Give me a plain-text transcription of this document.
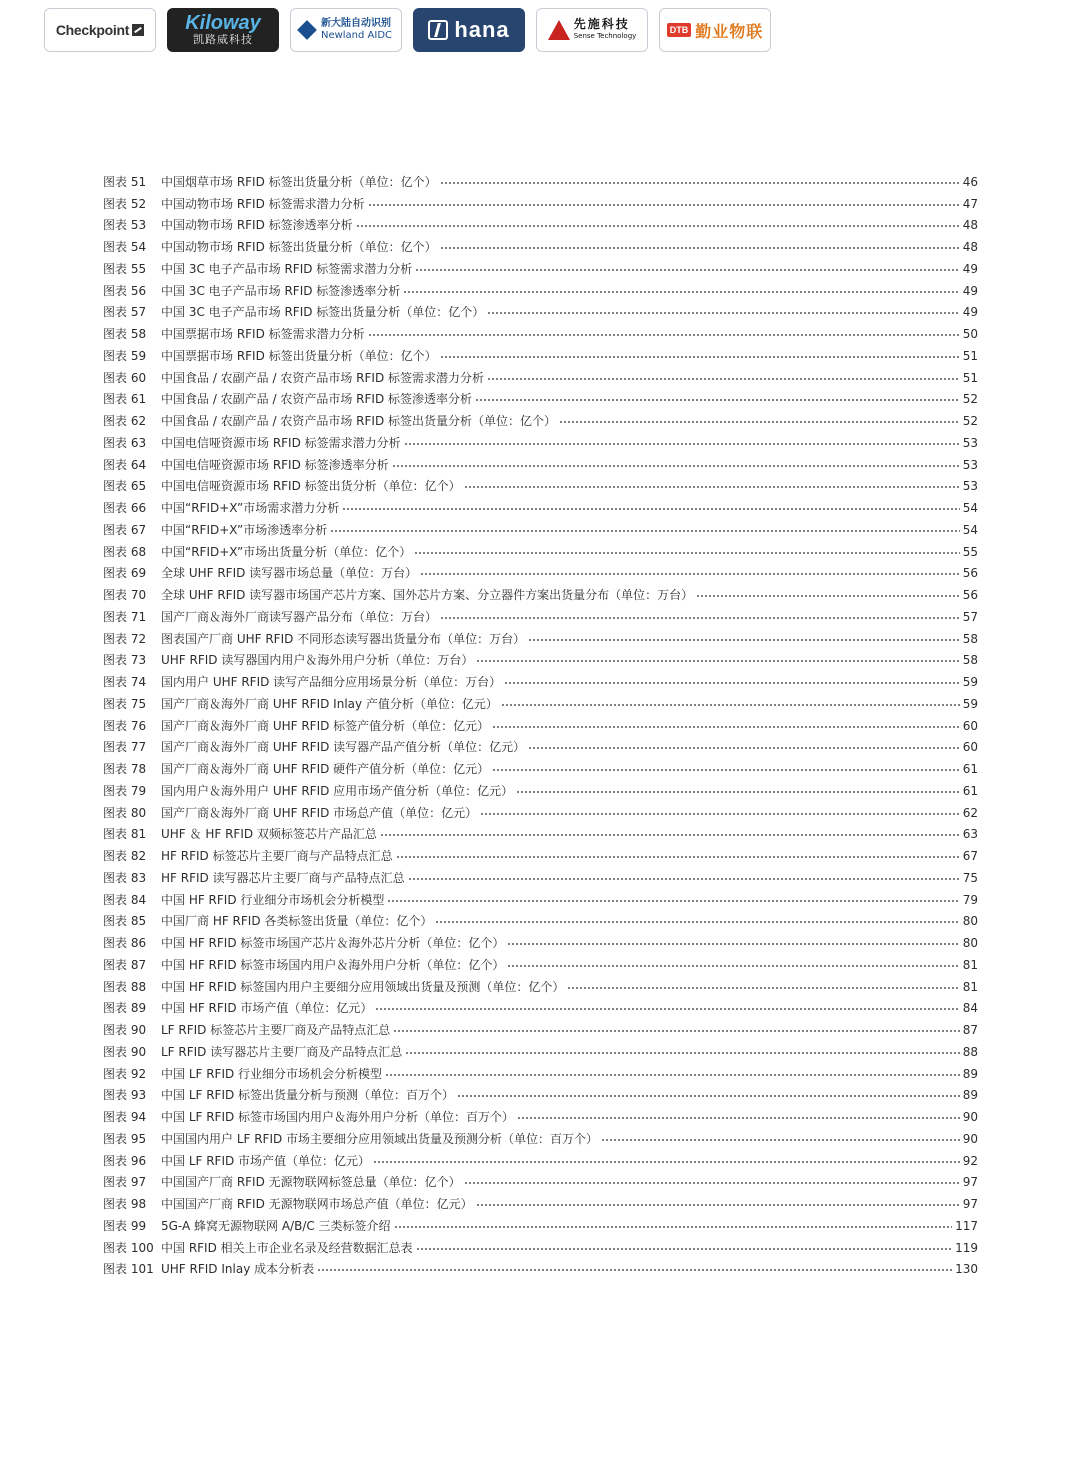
Checkpoint	Kiloway
凯路威科技
新大陆自动识别
Newland AIDC	hana	先施科技
Sense Technology
DTB 勤业物联
图表 51	中国烟草市场 RFID 标签出货量分析（单位：亿个）	46
图表 52	中国动物市场 RFID 标签需求潜力分析	47
图表 53	中国动物市场 RFID 标签渗透率分析	48
图表 54	中国动物市场 RFID 标签出货量分析（单位：亿个）	48
图表 55	中国 3C 电子产品市场 RFID 标签需求潜力分析	49
图表 56	中国 3C 电子产品市场 RFID 标签渗透率分析	49
图表 57	中国 3C 电子产品市场 RFID 标签出货量分析（单位：亿个）	49
图表 58	中国票据市场 RFID 标签需求潜力分析	50
图表 59	中国票据市场 RFID 标签出货量分析（单位：亿个）	51
图表 60	中国食品 / 农副产品 / 农资产品市场 RFID 标签需求潜力分析	51
图表 61	中国食品 / 农副产品 / 农资产品市场 RFID 标签渗透率分析	52
图表 62	中国食品 / 农副产品 / 农资产品市场 RFID 标签出货量分析（单位：亿个）	52
图表 63	中国电信哑资源市场 RFID 标签需求潜力分析	53
图表 64	中国电信哑资源市场 RFID 标签渗透率分析	53
图表 65	中国电信哑资源市场 RFID 标签出货分析（单位：亿个）	53
图表 66	中国“RFID+X”市场需求潜力分析	54
图表 67	中国“RFID+X”市场渗透率分析	54
图表 68	中国“RFID+X”市场出货量分析（单位：亿个）	55
图表 69	全球 UHF RFID 读写器市场总量（单位：万台）	56
图表 70	全球 UHF RFID 读写器市场国产芯片方案、国外芯片方案、分立器件方案出货量分布（单位：万台）	56
图表 71	国产厂商＆海外厂商读写器产品分布（单位：万台）	57
图表 72	图表国产厂商 UHF RFID 不同形态读写器出货量分布（单位：万台）	58
图表 73	UHF RFID 读写器国内用户＆海外用户分析（单位：万台）	58
图表 74	国内用户 UHF RFID 读写产品细分应用场景分析（单位：万台）	59
图表 75	国产厂商＆海外厂商 UHF RFID Inlay 产值分析（单位：亿元）	59
图表 76	国产厂商＆海外厂商 UHF RFID 标签产值分析（单位：亿元）	60
图表 77	国产厂商＆海外厂商 UHF RFID 读写器产品产值分析（单位：亿元）	60
图表 78	国产厂商＆海外厂商 UHF RFID 硬件产值分析（单位：亿元）	61
图表 79	国内用户＆海外用户 UHF RFID 应用市场产值分析（单位：亿元）	61
图表 80	国产厂商＆海外厂商 UHF RFID 市场总产值（单位：亿元）	62
图表 81	UHF ＆ HF RFID 双频标签芯片产品汇总	63
图表 82	HF RFID 标签芯片主要厂商与产品特点汇总	67
图表 83	HF RFID 读写器芯片主要厂商与产品特点汇总	75
图表 84	中国 HF RFID 行业细分市场机会分析模型	79
图表 85	中国厂商 HF RFID 各类标签出货量（单位：亿个）	80
图表 86	中国 HF RFID 标签市场国产芯片＆海外芯片分析（单位：亿个）	80
图表 87	中国 HF RFID 标签市场国内用户＆海外用户分析（单位：亿个）	81
图表 88	中国 HF RFID 标签国内用户主要细分应用领域出货量及预测（单位：亿个）	81
图表 89	中国 HF RFID 市场产值（单位：亿元）	84
图表 90	LF RFID 标签芯片主要厂商及产品特点汇总	87
图表 90	LF RFID 读写器芯片主要厂商及产品特点汇总	88
图表 92	中国 LF RFID 行业细分市场机会分析模型	89
图表 93	中国 LF RFID 标签出货量分析与预测（单位：百万个）	89
图表 94	中国 LF RFID 标签市场国内用户＆海外用户分析（单位：百万个）	90
图表 95	中国国内用户 LF RFID 市场主要细分应用领域出货量及预测分析（单位：百万个）	90
图表 96	中国 LF RFID 市场产值（单位：亿元）	92
图表 97	中国国产厂商 RFID 无源物联网标签总量（单位：亿个）	97
图表 98	中国国产厂商 RFID 无源物联网市场总产值（单位：亿元）	97
图表 99	5G-A 蜂窝无源物联网 A/B/C 三类标签介绍	117
图表 100 中国 RFID 相关上市企业名录及经营数据汇总表	119
图表 101 UHF RFID Inlay 成本分析表	130
